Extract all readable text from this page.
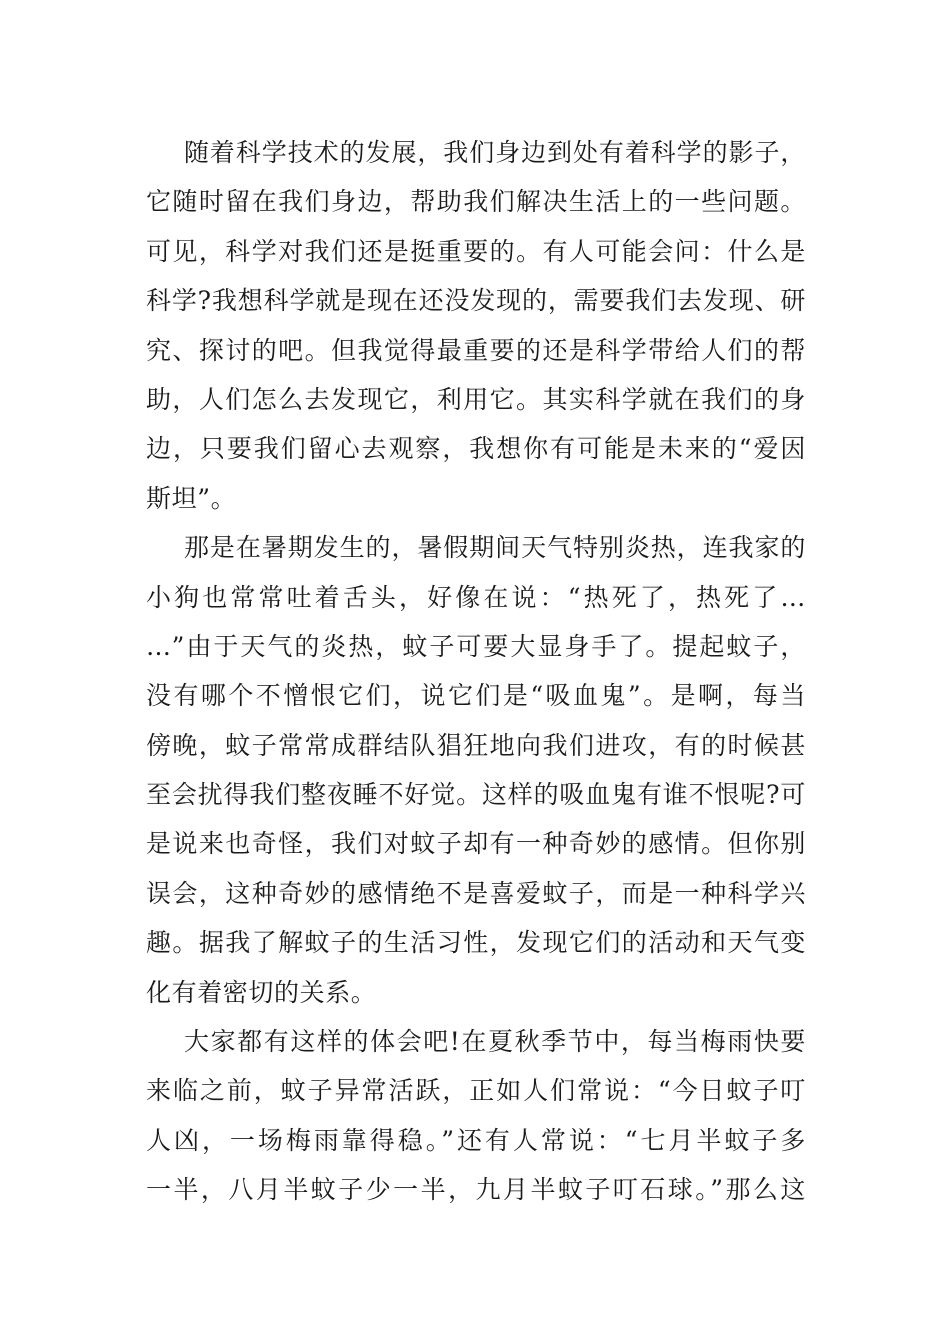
随着科学技术的发展，我们身边到处有着科学的影子，
它随时留在我们身边，帮助我们解决生活上的一些问题。
可见，科学对我们还是挺重要的。有人可能会问：什么是
科学?我想科学就是现在还没发现的，需要我们去发现、研
究、探讨的吧。但我觉得最重要的还是科学带给人们的帮
助，人们怎么去发现它，利用它。其实科学就在我们的身
边，只要我们留心去观察，我想你有可能是未来的“爱因
斯坦”。
那是在暑期发生的，暑假期间天气特别炎热，连我家的
小狗也常常吐着舌头，好像在说：“热死了，热死了…
…”由于天气的炎热，蚊子可要大显身手了。提起蚊子，
没有哪个不憎恨它们，说它们是“吸血鬼”。是啊，每当
傍晚，蚊子常常成群结队猖狂地向我们进攻，有的时候甚
至会扰得我们整夜睡不好觉。这样的吸血鬼有谁不恨呢?可
是说来也奇怪，我们对蚊子却有一种奇妙的感情。但你别
误会，这种奇妙的感情绝不是喜爱蚊子，而是一种科学兴
趣。据我了解蚊子的生活习性，发现它们的活动和天气变
化有着密切的关系。
大家都有这样的体会吧!在夏秋季节中，每当梅雨快要
来临之前，蚊子异常活跃，正如人们常说：“今日蚊子叮
人凶，一场梅雨靠得稳。”还有人常说：“七月半蚊子多
一半，八月半蚊子少一半，九月半蚊子叮石球。”那么这
